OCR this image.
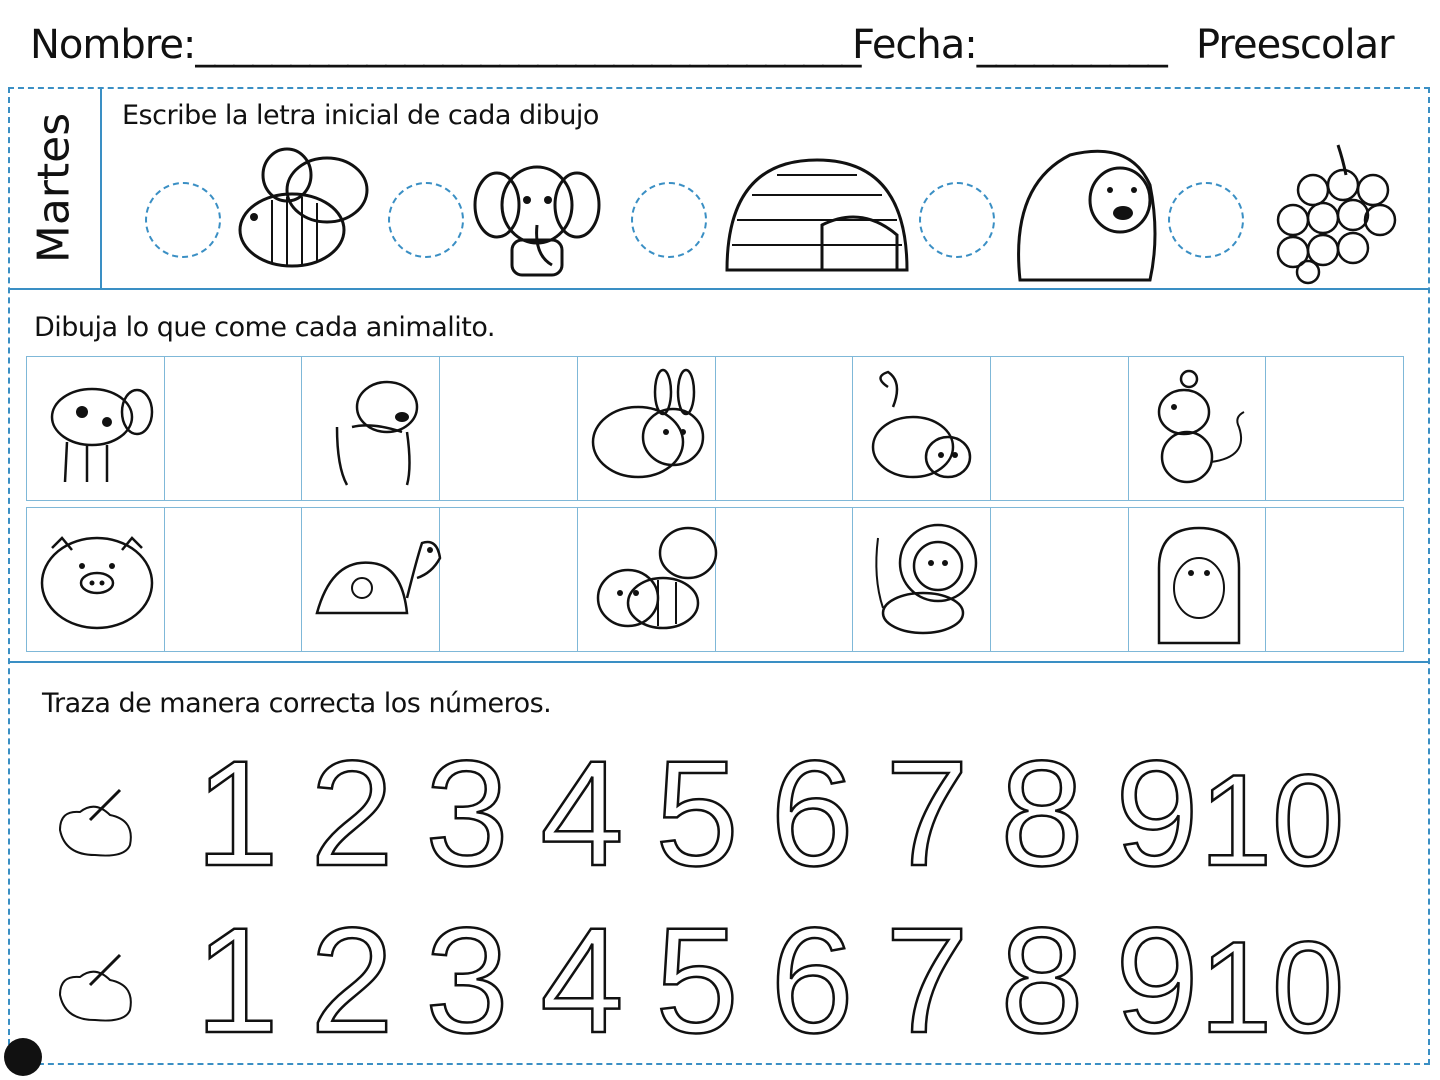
Nombre:___________________________________
Fecha:__________ Preescolar
Martes Escribe la letra inicial de cada dibujo
Dibuja lo que come cada animalito.
Traza de manera correcta los números.
1 2 3 4 5 6 7 8 9 10
1 2 3 4 5 6 7 8 9 10
